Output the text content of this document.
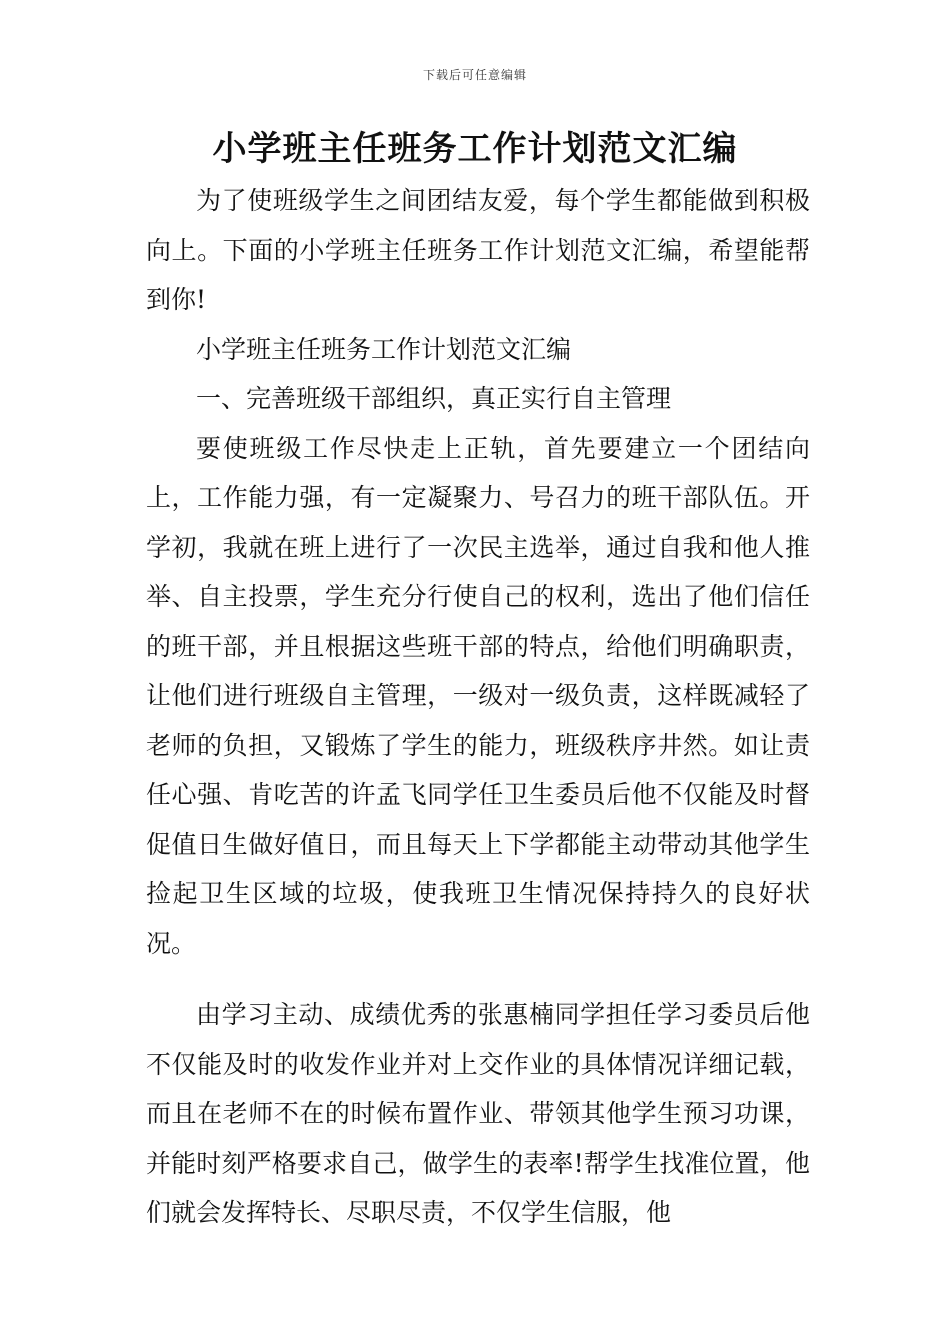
下载后可任意编辑
小学班主任班务工作计划范文汇编

为了使班级学生之间团结友爱，每个学生都能做到积极向上。下面的小学班主任班务工作计划范文汇编，希望能帮到你!

小学班主任班务工作计划范文汇编

一、完善班级干部组织，真正实行自主管理

要使班级工作尽快走上正轨，首先要建立一个团结向上，工作能力强，有一定凝聚力、号召力的班干部队伍。开学初，我就在班上进行了一次民主选举，通过自我和他人推举、自主投票，学生充分行使自己的权利，选出了他们信任的班干部，并且根据这些班干部的特点，给他们明确职责，让他们进行班级自主管理，一级对一级负责，这样既减轻了老师的负担，又锻炼了学生的能力，班级秩序井然。如让责任心强、肯吃苦的许孟飞同学任卫生委员后他不仅能及时督促值日生做好值日，而且每天上下学都能主动带动其他学生捡起卫生区域的垃圾，使我班卫生情况保持持久的良好状况。

由学习主动、成绩优秀的张惠楠同学担任学习委员后他不仅能及时的收发作业并对上交作业的具体情况详细记载，而且在老师不在的时候布置作业、带领其他学生预习功课，并能时刻严格要求自己，做学生的表率!帮学生找准位置，他们就会发挥特长、尽职尽责，不仅学生信服，他
